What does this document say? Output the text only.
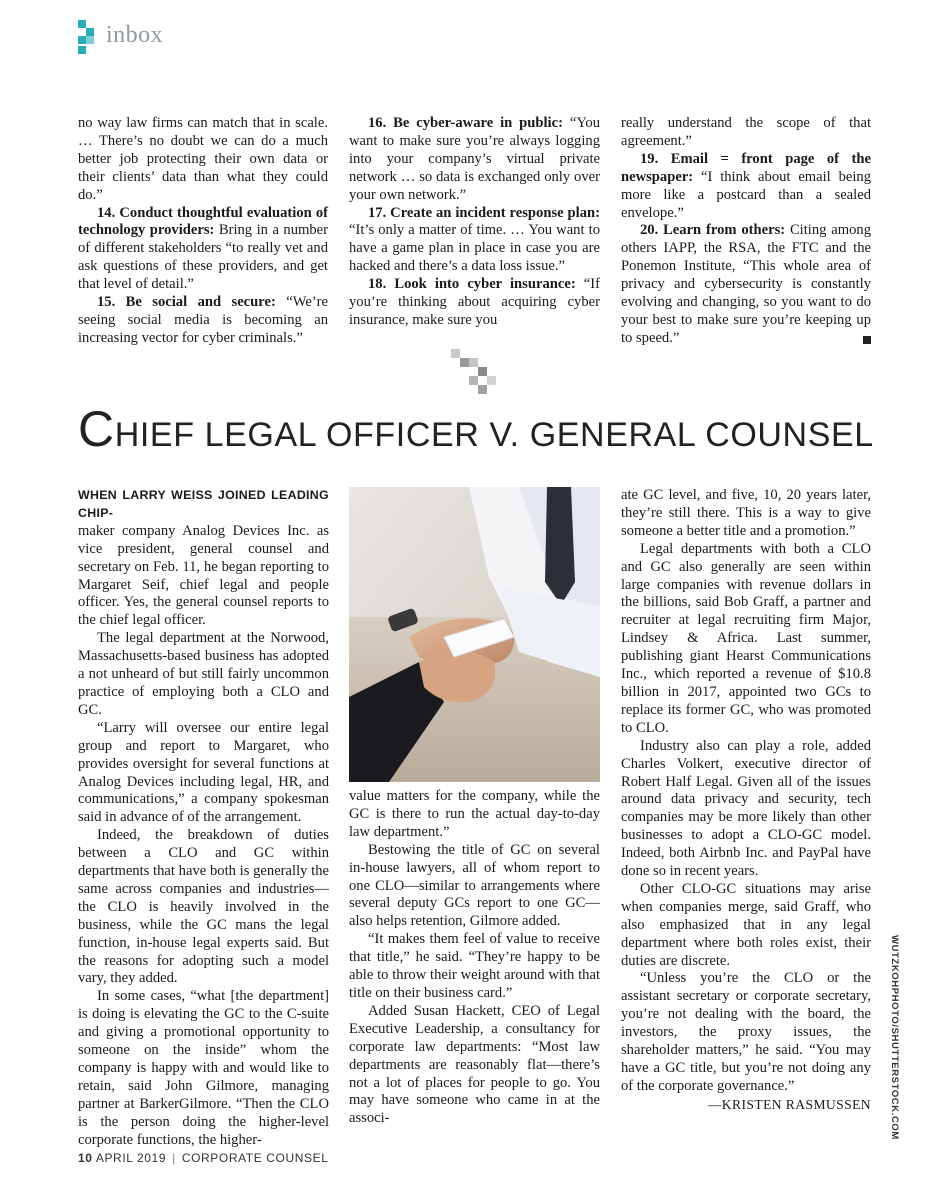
inbox

no way law firms can match that in scale. … There’s no doubt we can do a much better job protecting their own data or their clients’ data than what they could do.”

14. Conduct thoughtful evaluation of technology providers: Bring in a number of different stakeholders “to really vet and ask questions of these providers, and get that level of detail.”

15. Be social and secure: “We’re seeing social media is becoming an increasing vector for cyber criminals.”

16. Be cyber-aware in public: “You want to make sure you’re always logging into your company’s virtual private network … so data is exchanged only over your own network.”

17. Create an incident response plan: “It’s only a matter of time. … You want to have a game plan in place in case you are hacked and there’s a data loss issue.”

18. Look into cyber insurance: “If you’re thinking about acquiring cyber insurance, make sure you

really understand the scope of that agreement.”

19. Email = front page of the newspaper: “I think about email being more like a postcard than a sealed envelope.”

20. Learn from others: Citing among others IAPP, the RSA, the FTC and the Ponemon Institute, “This whole area of privacy and cybersecurity is constantly evolving and changing, so you want to do your best to make sure you’re keeping up to speed.”

CHIEF LEGAL OFFICER V. GENERAL COUNSEL

WHEN LARRY WEISS JOINED LEADING CHIP-
maker company Analog Devices Inc. as vice president, general counsel and secretary on Feb. 11, he began reporting to Margaret Seif, chief legal and people officer. Yes, the general counsel reports to the chief legal officer.

The legal department at the Norwood, Massachusetts-based business has adopted a not unheard of but still fairly uncommon practice of employing both a CLO and GC.

“Larry will oversee our entire legal group and report to Margaret, who provides oversight for several functions at Analog Devices including legal, HR, and communications,” a company spokesman said in advance of of the arrangement.

Indeed, the breakdown of duties between a CLO and GC within departments that have both is generally the same across companies and industries—the CLO is heavily involved in the business, while the GC mans the legal function, in-house legal experts said. But the reasons for adopting such a model vary, they added.

In some cases, “what [the department] is doing is elevating the GC to the C-suite and giving a promotional opportunity to someone on the inside” whom the company is happy with and would like to retain, said John Gilmore, managing partner at BarkerGilmore. “Then the CLO is the person doing the higher-level corporate functions, the higher-

value matters for the company, while the GC is there to run the actual day-to-day law department.”

Bestowing the title of GC on several in-house lawyers, all of whom report to one CLO—similar to arrangements where several deputy GCs report to one GC—also helps retention, Gilmore added.

“It makes them feel of value to receive that title,” he said. “They’re happy to be able to throw their weight around with that title on their business card.”

Added Susan Hackett, CEO of Legal Executive Leadership, a consultancy for corporate law departments: “Most law departments are reasonably flat—there’s not a lot of places for people to go. You may have someone who came in at the associ-

ate GC level, and five, 10, 20 years later, they’re still there. This is a way to give someone a better title and a promotion.”

Legal departments with both a CLO and GC also generally are seen within large companies with revenue dollars in the billions, said Bob Graff, a partner and recruiter at legal recruiting firm Major, Lindsey & Africa. Last summer, publishing giant Hearst Communications Inc., which reported a revenue of $10.8 billion in 2017, appointed two GCs to replace its former GC, who was promoted to CLO.

Industry also can play a role, added Charles Volkert, executive director of Robert Half Legal. Given all of the issues around data privacy and security, tech companies may be more likely than other businesses to adopt a CLO-GC model. Indeed, both Airbnb Inc. and PayPal have done so in recent years.

Other CLO-GC situations may arise when companies merge, said Graff, who also emphasized that in any legal department where both roles exist, their duties are discrete.

“Unless you’re the CLO or the assistant secretary or corporate secretary, you’re not dealing with the board, the investors, the proxy issues, the shareholder matters,” he said. “You may have a GC title, but you’re not doing any of the corporate governance.”

—KRISTEN RASMUSSEN WUTZKOHPHOTO/SHUTTERSTOCK.COM
10 APRIL 2019 | CORPORATE COUNSEL
